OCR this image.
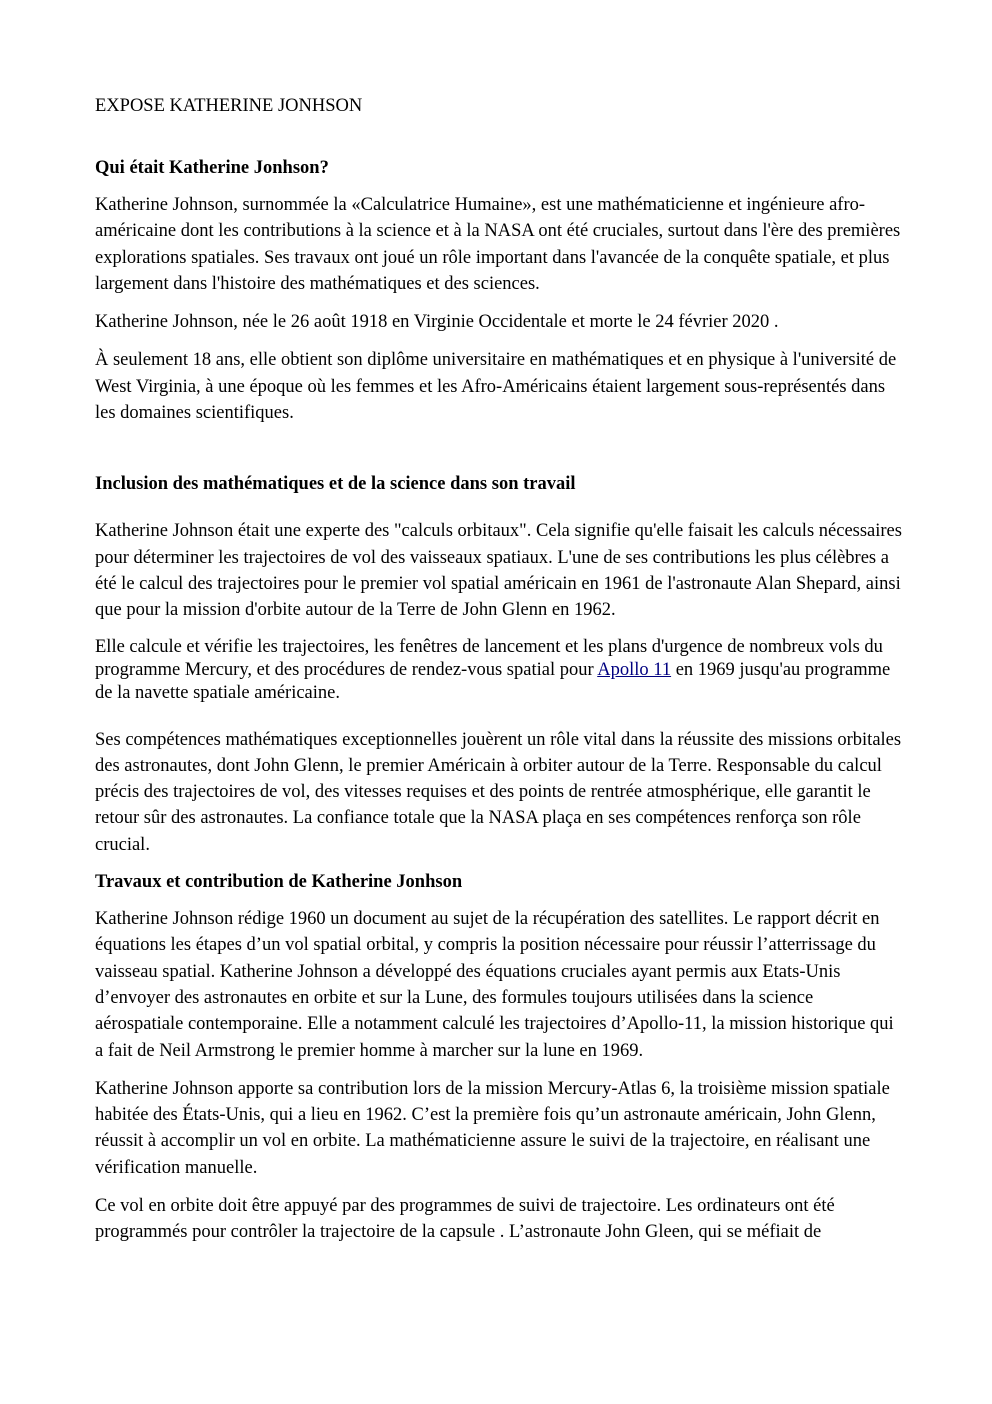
EXPOSE KATHERINE JONHSON
Qui était Katherine Jonhson?

Katherine Johnson, surnommée la «Calculatrice Humaine», est une mathématicienne et ingénieure afro-américaine dont les contributions à la science et à la NASA ont été cruciales, surtout dans l'ère des premières explorations spatiales. Ses travaux ont joué un rôle important dans l'avancée de la conquête spatiale, et plus largement dans l'histoire des mathématiques et des sciences.

Katherine Johnson, née le 26 août 1918 en Virginie Occidentale et morte le 24 février 2020 .

À seulement 18 ans, elle obtient son diplôme universitaire en mathématiques et en physique à l'université de West Virginia, à une époque où les femmes et les Afro-Américains étaient largement sous-représentés dans les domaines scientifiques.

Inclusion des mathématiques et de la science dans son travail

Katherine Johnson était une experte des "calculs orbitaux". Cela signifie qu'elle faisait les calculs nécessaires pour déterminer les trajectoires de vol des vaisseaux spatiaux. L'une de ses contributions les plus célèbres a été le calcul des trajectoires pour le premier vol spatial américain en 1961 de l'astronaute Alan Shepard, ainsi que pour la mission d'orbite autour de la Terre de John Glenn en 1962.

Elle calcule et vérifie les trajectoires, les fenêtres de lancement et les plans d'urgence de nombreux vols du programme Mercury, et des procédures de rendez-vous spatial pour Apollo 11 en 1969 jusqu'au programme de la navette spatiale américaine.

Ses compétences mathématiques exceptionnelles jouèrent un rôle vital dans la réussite des missions orbitales des astronautes, dont John Glenn, le premier Américain à orbiter autour de la Terre. Responsable du calcul précis des trajectoires de vol, des vitesses requises et des points de rentrée atmosphérique, elle garantit le retour sûr des astronautes. La confiance totale que la NASA plaça en ses compétences renforça son rôle crucial.

Travaux et contribution de Katherine Jonhson

Katherine Johnson rédige 1960 un document au sujet de la récupération des satellites. Le rapport décrit en équations les étapes d’un vol spatial orbital, y compris la position nécessaire pour réussir l’atterrissage du vaisseau spatial. Katherine Johnson a développé des équations cruciales ayant permis aux Etats-Unis d’envoyer des astronautes en orbite et sur la Lune, des formules toujours utilisées dans la science aérospatiale contemporaine. Elle a notamment calculé les trajectoires d’Apollo-11, la mission historique qui a fait de Neil Armstrong le premier homme à marcher sur la lune en 1969.

Katherine Johnson apporte sa contribution lors de la mission Mercury-Atlas 6, la troisième mission spatiale habitée des États-Unis, qui a lieu en 1962. C’est la première fois qu’un astronaute américain, John Glenn, réussit à accomplir un vol en orbite. La mathématicienne assure le suivi de la trajectoire, en réalisant une vérification manuelle.

Ce vol en orbite doit être appuyé par des programmes de suivi de trajectoire. Les ordinateurs ont été programmés pour contrôler la trajectoire de la capsule . L’astronaute John Gleen, qui se méfiait de
